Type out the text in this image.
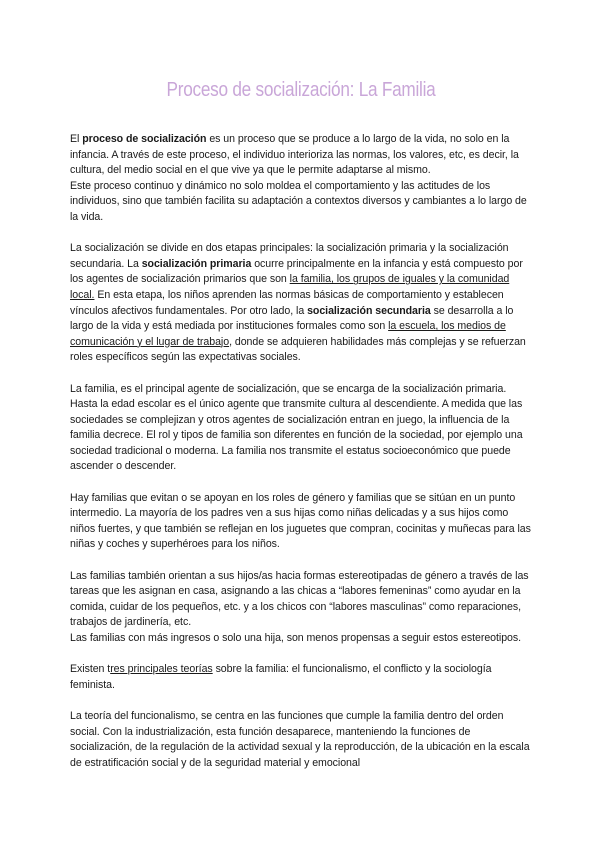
Proceso de socialización: La Familia

El proceso de socialización es un proceso que se produce a lo largo de la vida, no solo en la infancia. A través de este proceso, el individuo interioriza las normas, los valores, etc, es decir, la cultura, del medio social en el que vive ya que le permite adaptarse al mismo.

Este proceso continuo y dinámico no solo moldea el comportamiento y las actitudes de los individuos, sino que también facilita su adaptación a contextos diversos y cambiantes a lo largo de la vida.

La socialización se divide en dos etapas principales: la socialización primaria y la socialización secundaria. La socialización primaria ocurre principalmente en la infancia y está compuesto por los agentes de socialización primarios que son la familia, los grupos de iguales y la comunidad local. En esta etapa, los niños aprenden las normas básicas de comportamiento y establecen vínculos afectivos fundamentales. Por otro lado, la socialización secundaria se desarrolla a lo largo de la vida y está mediada por instituciones formales como son la escuela, los medios de comunicación y el lugar de trabajo, donde se adquieren habilidades más complejas y se refuerzan roles específicos según las expectativas sociales.

La familia, es el principal agente de socialización, que se encarga de la socialización primaria. Hasta la edad escolar es el único agente que transmite cultura al descendiente. A medida que las sociedades se complejizan y otros agentes de socialización entran en juego, la influencia de la familia decrece. El rol y tipos de familia son diferentes en función de la sociedad, por ejemplo una sociedad tradicional o moderna. La familia nos transmite el estatus socioeconómico que puede ascender o descender.

Hay familias que evitan o se apoyan en los roles de género y familias que se sitúan en un punto intermedio. La mayoría de los padres ven a sus hijas como niñas delicadas y a sus hijos como niños fuertes, y que también se reflejan en los juguetes que compran, cocinitas y muñecas para las niñas y coches y superhéroes para los niños.

Las familias también orientan a sus hijos/as hacia formas estereotipadas de género a través de las tareas que les asignan en casa, asignando a las chicas a “labores femeninas” como ayudar en la comida, cuidar de los pequeños, etc. y a los chicos con “labores masculinas” como reparaciones, trabajos de jardinería, etc.

Las familias con más ingresos o solo una hija, son menos propensas a seguir estos estereotipos.

Existen tres principales teorías sobre la familia: el funcionalismo, el conflicto y la sociología feminista.

La teoría del funcionalismo, se centra en las funciones que cumple la familia dentro del orden social. Con la industrialización, esta función desaparece, manteniendo la funciones de socialización, de la regulación de la actividad sexual y la reproducción, de la ubicación en la escala de estratificación social y de la seguridad material y emocional
